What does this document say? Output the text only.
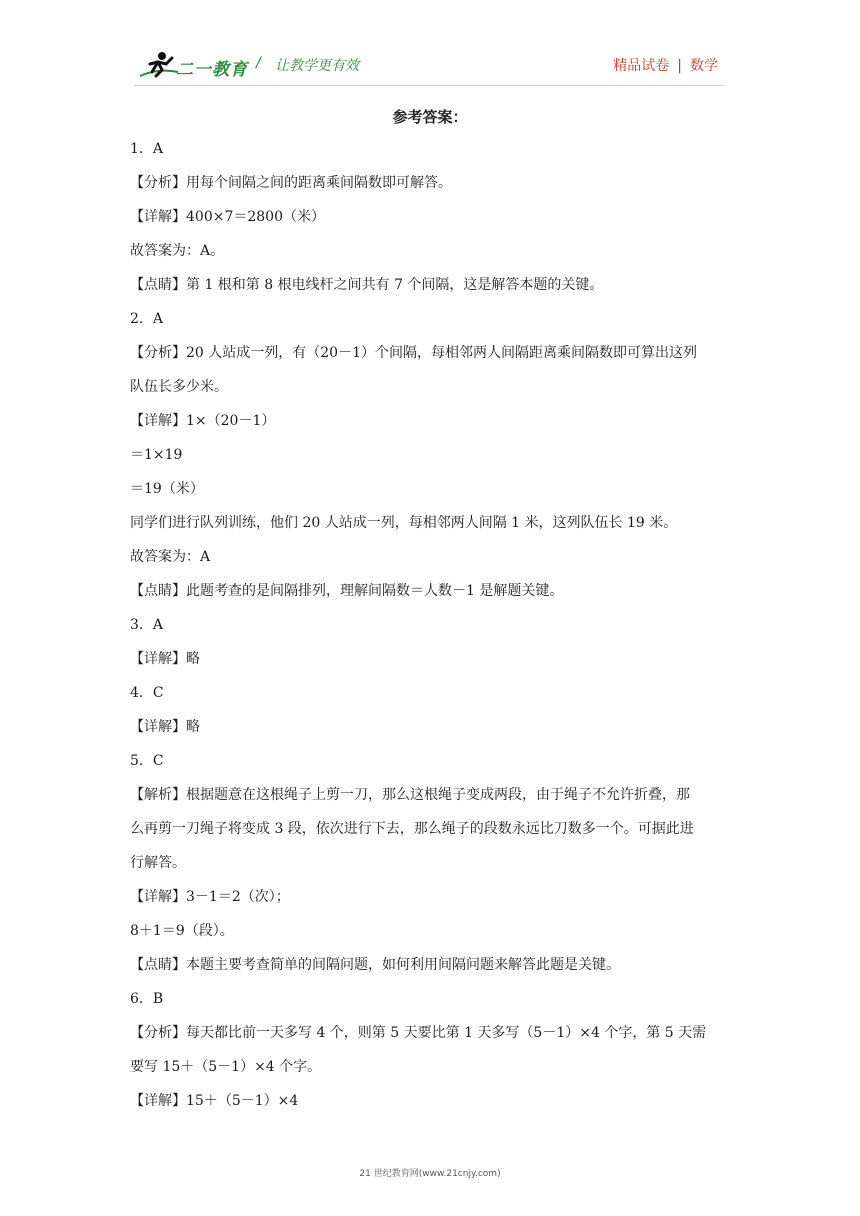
二一教育 / 让教学更有效	精品试卷 | 数学
参考答案：
1．A
【分析】用每个间隔之间的距离乘间隔数即可解答。
【详解】400×7＝2800（米）
故答案为：A。
【点睛】第 1 根和第 8 根电线杆之间共有 7 个间隔，这是解答本题的关键。
2．A
【分析】20 人站成一列，有（20－1）个间隔，每相邻两人间隔距离乘间隔数即可算出这列
队伍长多少米。
【详解】1×（20－1）
＝1×19
＝19（米）
同学们进行队列训练，他们 20 人站成一列，每相邻两人间隔 1 米，这列队伍长 19 米。
故答案为：A
【点睛】此题考查的是间隔排列，理解间隔数＝人数－1 是解题关键。
3．A
【详解】略
4．C
【详解】略
5．C
【解析】根据题意在这根绳子上剪一刀，那么这根绳子变成两段，由于绳子不允许折叠，那
么再剪一刀绳子将变成 3 段，依次进行下去，那么绳子的段数永远比刀数多一个。可据此进
行解答。
【详解】3－1＝2（次）；
8＋1＝9（段）。
【点睛】本题主要考查简单的间隔问题，如何利用间隔问题来解答此题是关键。
6．B
【分析】每天都比前一天多写 4 个，则第 5 天要比第 1 天多写（5－1）×4 个字，第 5 天需
要写 15＋（5－1）×4 个字。
【详解】15＋（5－1）×4
21 世纪教育网(www.21cnjy.com)
